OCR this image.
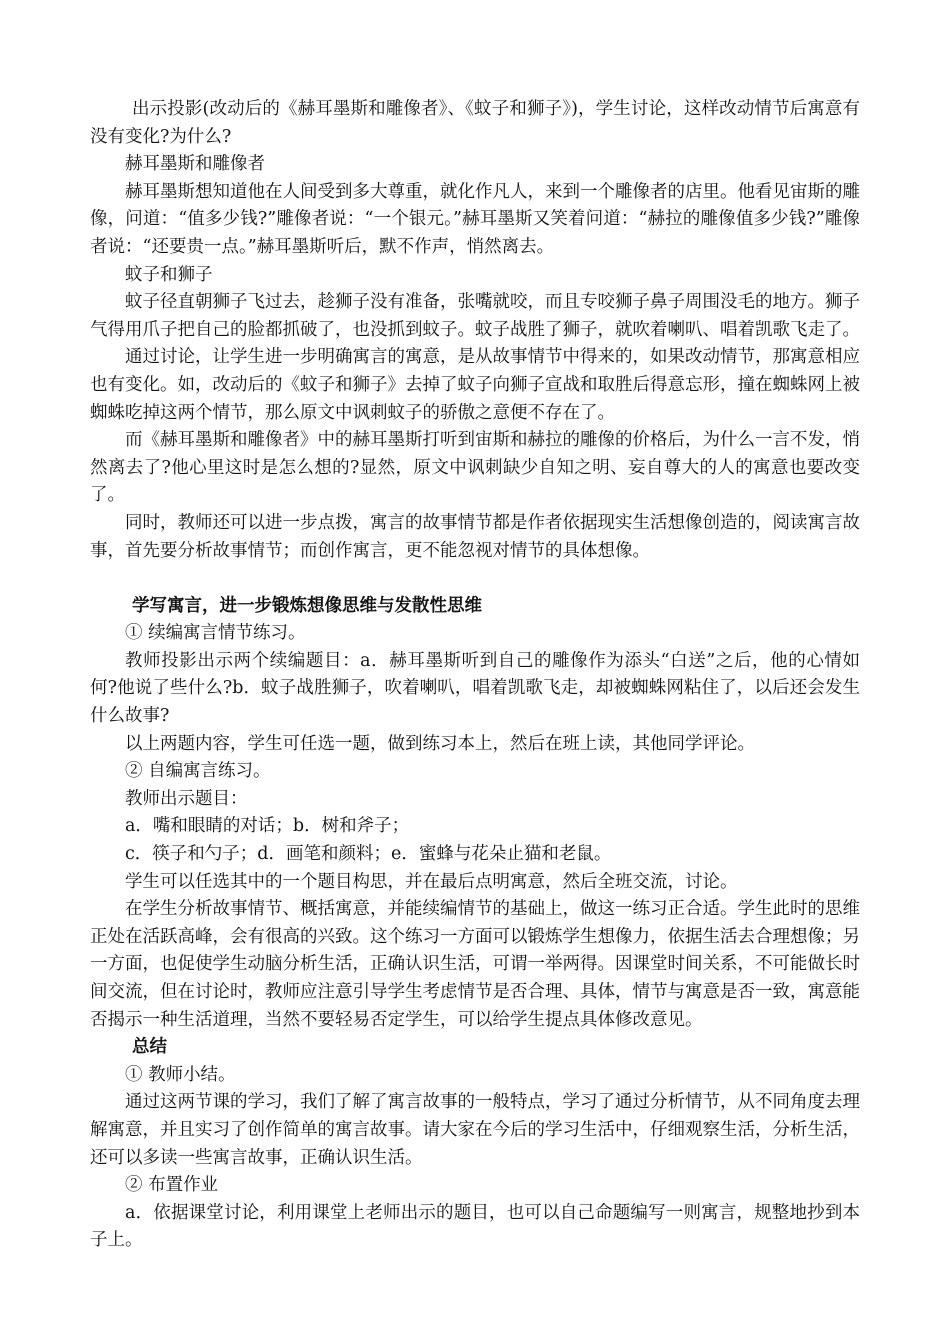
出示投影(改动后的《赫耳墨斯和雕像者》、《蚊子和狮子》)，学生讨论，这样改动情节后寓意有没有变化?为什么?

赫耳墨斯和雕像者

赫耳墨斯想知道他在人间受到多大尊重，就化作凡人，来到一个雕像者的店里。他看见宙斯的雕像，问道：“值多少钱?”雕像者说：“一个银元。”赫耳墨斯又笑着问道：“赫拉的雕像值多少钱?”雕像者说：“还要贵一点。”赫耳墨斯听后，默不作声，悄然离去。

蚊子和狮子

蚊子径直朝狮子飞过去，趁狮子没有准备，张嘴就咬，而且专咬狮子鼻子周围没毛的地方。狮子气得用爪子把自己的脸都抓破了，也没抓到蚊子。蚊子战胜了狮子，就吹着喇叭、唱着凯歌飞走了。

通过讨论，让学生进一步明确寓言的寓意，是从故事情节中得来的，如果改动情节，那寓意相应也有变化。如，改动后的《蚊子和狮子》去掉了蚊子向狮子宣战和取胜后得意忘形，撞在蜘蛛网上被蜘蛛吃掉这两个情节，那么原文中讽刺蚊子的骄傲之意便不存在了。

而《赫耳墨斯和雕像者》中的赫耳墨斯打听到宙斯和赫拉的雕像的价格后，为什么一言不发，悄然离去了?他心里这时是怎么想的?显然，原文中讽刺缺少自知之明、妄自尊大的人的寓意也要改变了。

同时，教师还可以进一步点拨，寓言的故事情节都是作者依据现实生活想像创造的，阅读寓言故事，首先要分析故事情节；而创作寓言，更不能忽视对情节的具体想像。

学写寓言，进一步锻炼想像思维与发散性思维

① 续编寓言情节练习。

教师投影出示两个续编题目：a．赫耳墨斯听到自己的雕像作为添头“白送”之后，他的心情如何?他说了些什么?b．蚊子战胜狮子，吹着喇叭，唱着凯歌飞走，却被蜘蛛网粘住了，以后还会发生什么故事?

以上两题内容，学生可任选一题，做到练习本上，然后在班上读，其他同学评论。

② 自编寓言练习。

教师出示题目：

a．嘴和眼睛的对话；b．树和斧子；

c．筷子和勺子；d．画笔和颜料；e．蜜蜂与花朵止猫和老鼠。

学生可以任选其中的一个题目构思，并在最后点明寓意，然后全班交流，讨论。

在学生分析故事情节、概括寓意，并能续编情节的基础上，做这一练习正合适。学生此时的思维正处在活跃高峰，会有很高的兴致。这个练习一方面可以锻炼学生想像力，依据生活去合理想像；另一方面，也促使学生动脑分析生活，正确认识生活，可谓一举两得。因课堂时间关系，不可能做长时间交流，但在讨论时，教师应注意引导学生考虑情节是否合理、具体，情节与寓意是否一致，寓意能否揭示一种生活道理，当然不要轻易否定学生，可以给学生提点具体修改意见。

总结

① 教师小结。

通过这两节课的学习，我们了解了寓言故事的一般特点，学习了通过分析情节，从不同角度去理解寓意，并且实习了创作简单的寓言故事。请大家在今后的学习生活中，仔细观察生活，分析生活，还可以多读一些寓言故事，正确认识生活。

② 布置作业

a．依据课堂讨论，利用课堂上老师出示的题目，也可以自己命题编写一则寓言，规整地抄到本子上。
